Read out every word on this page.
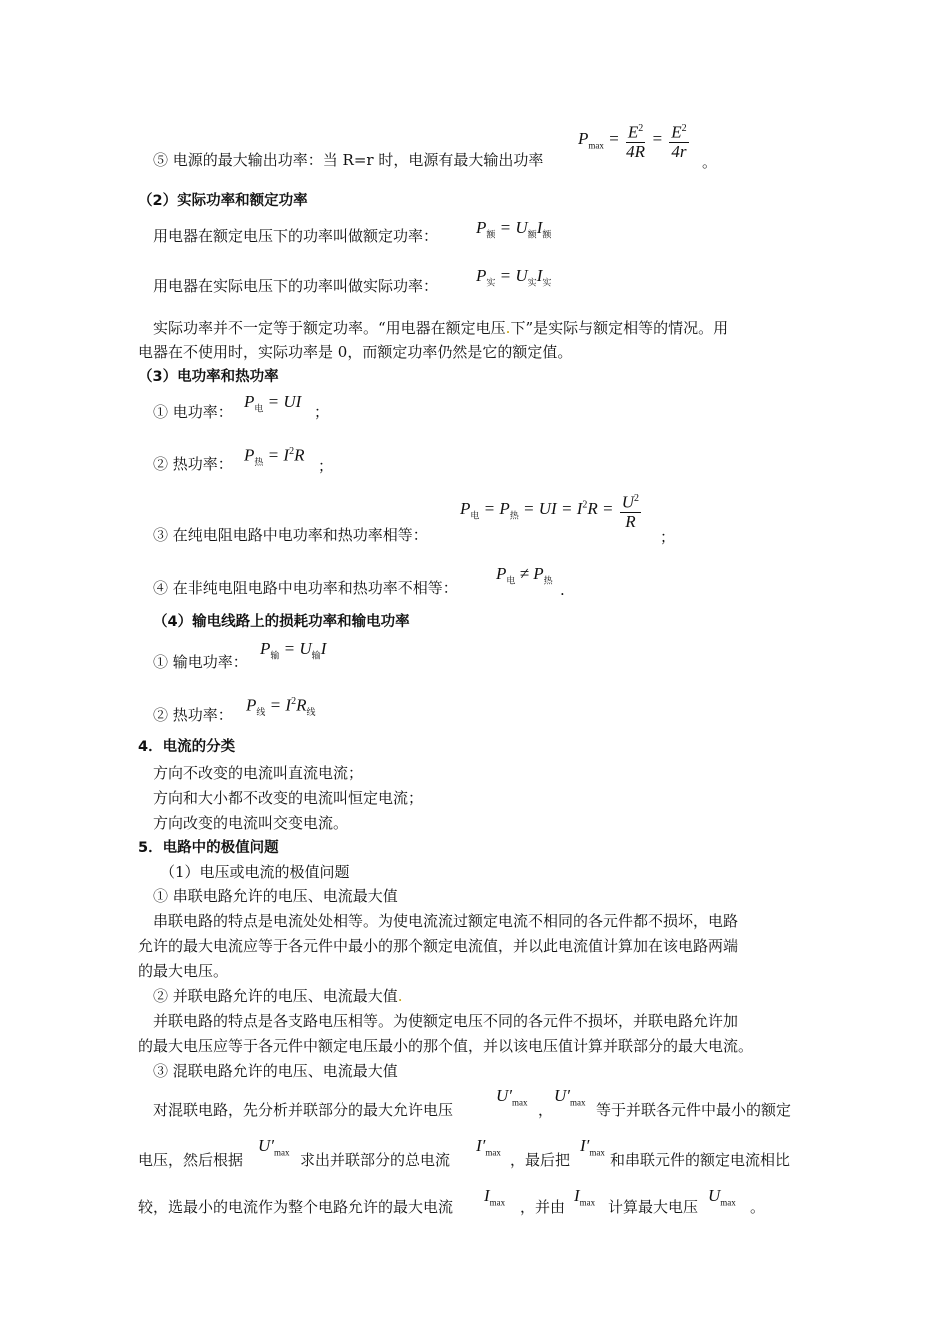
⑤ 电源的最大输出功率：当 R=r 时，电源有最大输出功率
$P_{max} = \frac{E^2}{4R} = \frac{E^2}{4r}$
。
（2）实际功率和额定功率
用电器在额定电压下的功率叫做额定功率： $P_额 = U_额I_额$
用电器在实际电压下的功率叫做实际功率：
$P_实 = U_实I_实$
实际功率并不一定等于额定功率。“用电器在额定电压.下”是实际与额定相等的情况。用
电器在不使用时，实际功率是 0，而额定功率仍然是它的额定值。
（3）电功率和热功率
① 电功率：
$P_电$ = UI
；
② 热功率： $P_热 = I^2R$
；
③ 在纯电阻电路中电功率和热功率相等：
$P_电 = P_热$ = UI = $I^2R = \frac{U^2}{R}$
；
④ 在非纯电阻电路中电功率和热功率不相等：
$P_电 \ne P_热$
.
（4）输电线路上的损耗功率和输电功率
① 输电功率：
$P_输 = U_输I$
② 热功率：
$P_线 = I^2R_线$
4．电流的分类
方向不改变的电流叫直流电流；
方向和大小都不改变的电流叫恒定电流；
方向改变的电流叫交变电流。
5．电路中的极值问题
（1）电压或电流的极值问题
① 串联电路允许的电压、电流最大值
串联电路的特点是电流处处相等。为使电流流过额定电流不相同的各元件都不损坏，电路
允许的最大电流应等于各元件中最小的那个额定电流值，并以此电流值计算加在该电路两端
的最大电压。
② 并联电路允许的电压、电流最大值.
并联电路的特点是各支路电压相等。为使额定电压不同的各元件不损坏，并联电路允许加
的最大电压应等于各元件中额定电压最小的那个值，并以该电压值计算并联部分的最大电流。
③ 混联电路允许的电压、电流最大值
对混联电路，先分析并联部分的最大允许电压
$U'_{max}$ ，
$U'_{max}$ 等于并联各元件中最小的额定
电压，然后根据
$U'_{max}$ 求出并联部分的总电流
$I'_{max}$ ，最后把
$I'_{max}$ 和串联元件的额定电流相比
较，选最小的电流作为整个电路允许的最大电流
$I_{max}$ ，并由
$I_{max}$ 计算最大电压
$U_{max}$ 。
